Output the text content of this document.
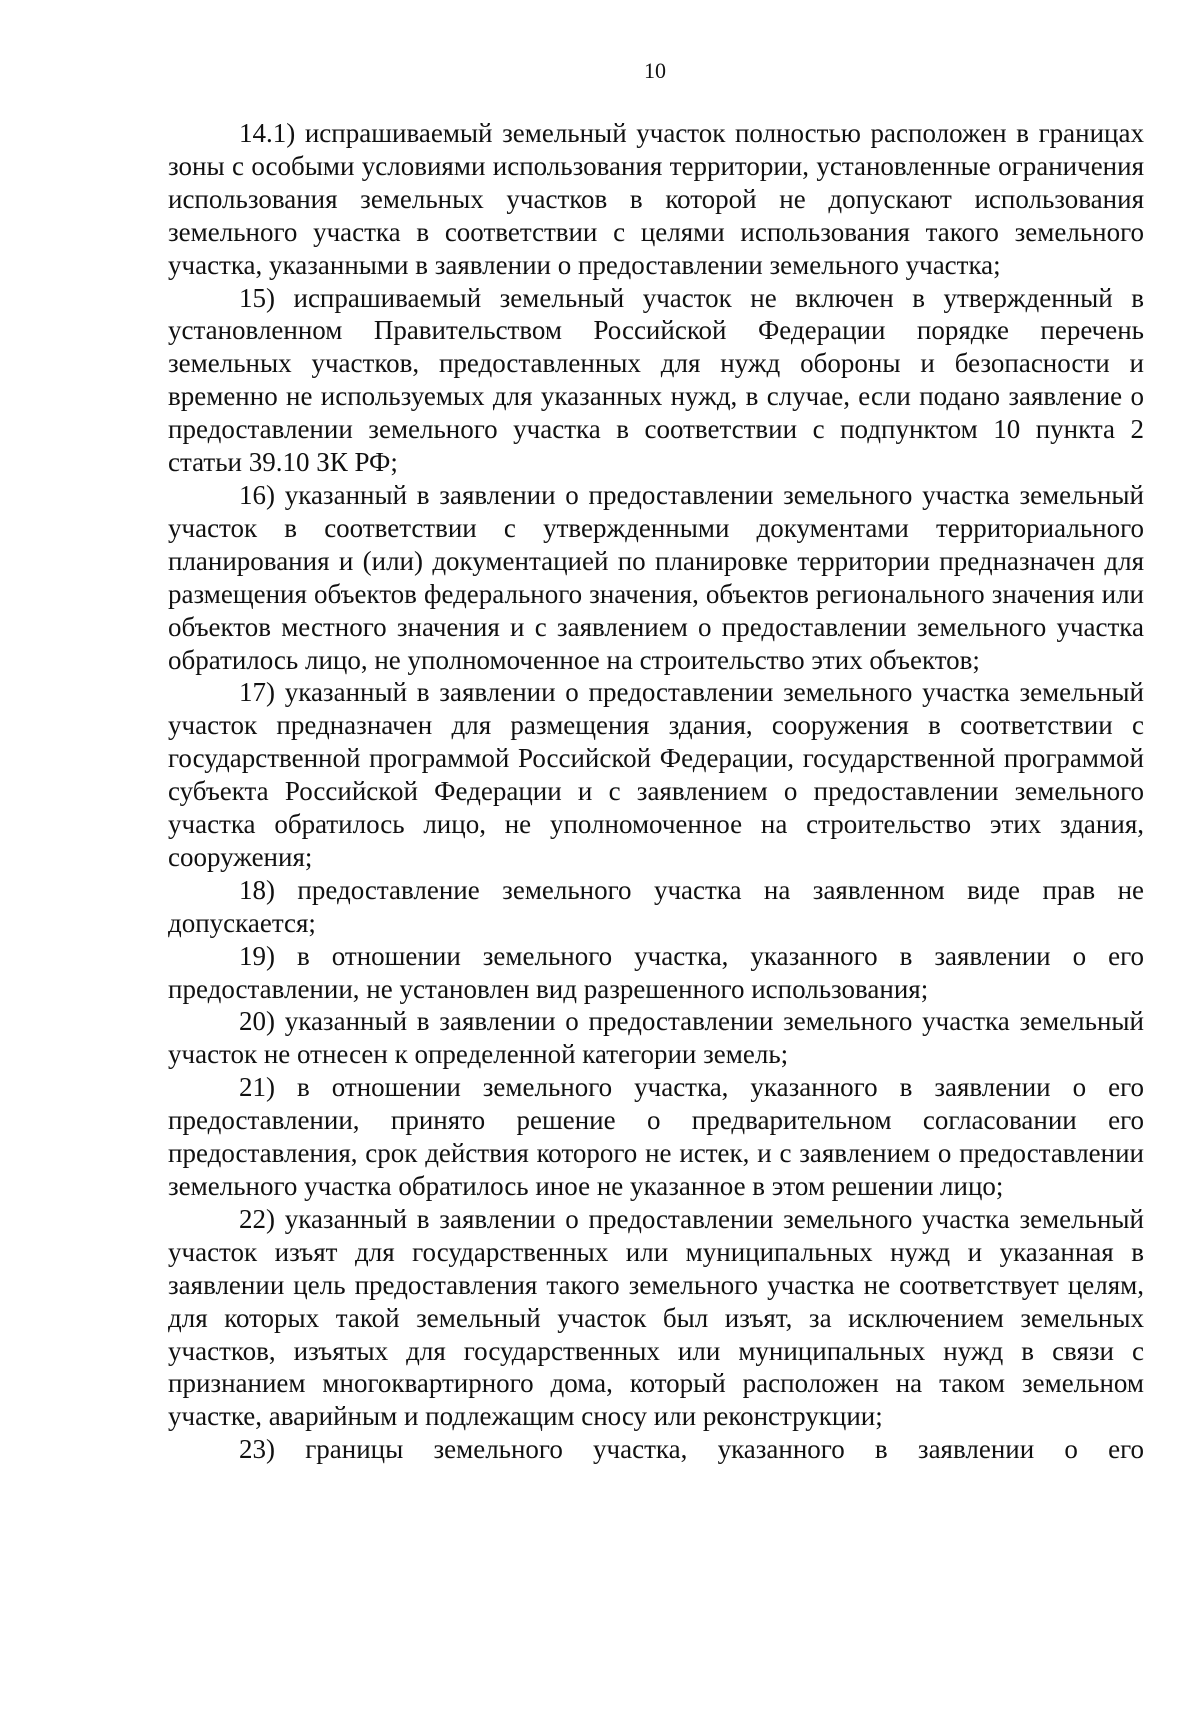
10

14.1) испрашиваемый земельный участок полностью расположен в границах зоны с особыми условиями использования территории, установленные ограничения использования земельных участков в которой не допускают использования земельного участка в соответствии с целями использования такого земельного участка, указанными в заявлении о предоставлении земельного участка;

15) испрашиваемый земельный участок не включен в утвержденный в установленном Правительством Российской Федерации порядке перечень земельных участков, предоставленных для нужд обороны и безопасности и временно не используемых для указанных нужд, в случае, если подано заявление о предоставлении земельного участка в соответствии с подпунктом 10 пункта 2 статьи 39.10 ЗК РФ;

16) указанный в заявлении о предоставлении земельного участка земельный участок в соответствии с утвержденными документами территориального планирования и (или) документацией по планировке территории предназначен для размещения объектов федерального значения, объектов регионального значения или объектов местного значения и с заявлением о предоставлении земельного участка обратилось лицо, не уполномоченное на строительство этих объектов;

17) указанный в заявлении о предоставлении земельного участка земельный участок предназначен для размещения здания, сооружения в соответствии с государственной программой Российской Федерации, государственной программой субъекта Российской Федерации и с заявлением о предоставлении земельного участка обратилось лицо, не уполномоченное на строительство этих здания, сооружения;

18) предоставление земельного участка на заявленном виде прав не допускается;

19) в отношении земельного участка, указанного в заявлении о его предоставлении, не установлен вид разрешенного использования;

20) указанный в заявлении о предоставлении земельного участка земельный участок не отнесен к определенной категории земель;

21) в отношении земельного участка, указанного в заявлении о его предоставлении, принято решение о предварительном согласовании его предоставления, срок действия которого не истек, и с заявлением о предоставлении земельного участка обратилось иное не указанное в этом решении лицо;

22) указанный в заявлении о предоставлении земельного участка земельный участок изъят для государственных или муниципальных нужд и указанная в заявлении цель предоставления такого земельного участка не соответствует целям, для которых такой земельный участок был изъят, за исключением земельных участков, изъятых для государственных или муниципальных нужд в связи с признанием многоквартирного дома, который расположен на таком земельном участке, аварийным и подлежащим сносу или реконструкции;

23) границы земельного участка, указанного в заявлении о его
